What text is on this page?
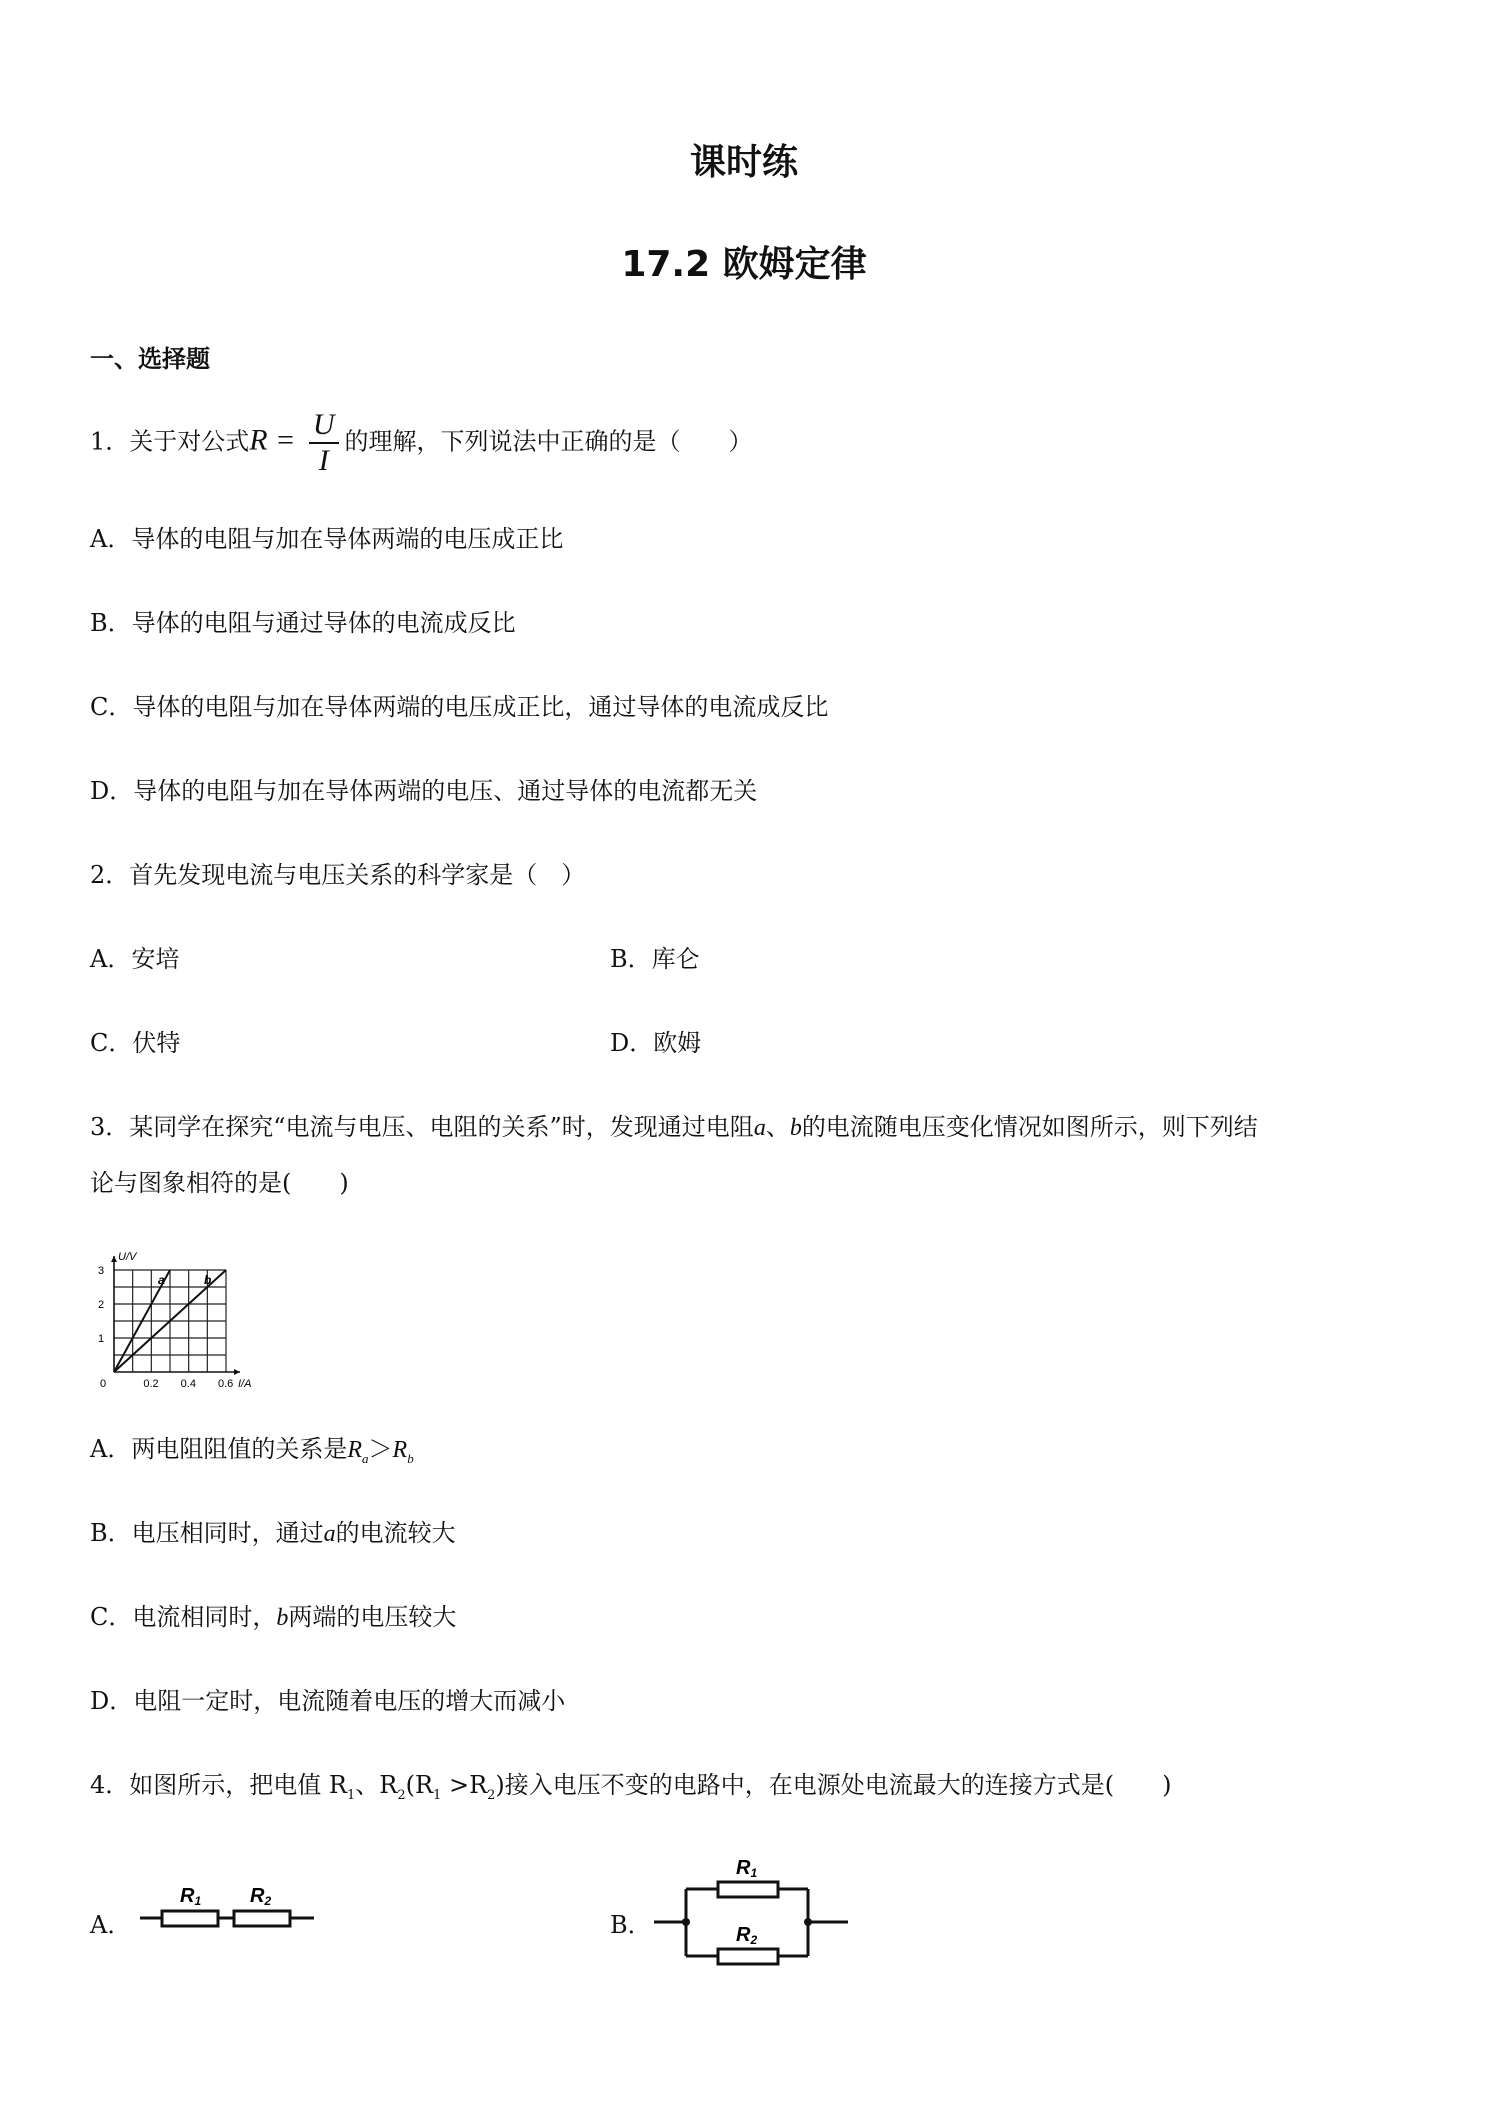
课时练
17.2 欧姆定律
一、选择题
1．关于对公式$R = \frac{U}{I}$ 的理解，下列说法中正确的是（　　）
A．导体的电阻与加在导体两端的电压成正比
B．导体的电阻与通过导体的电流成反比
C．导体的电阻与加在导体两端的电压成正比，通过导体的电流成反比
D．导体的电阻与加在导体两端的电压、通过导体的电流都无关
2．首先发现电流与电压关系的科学家是（　）
A．安培	B．库仑
C．伏特	D．欧姆
3．某同学在探究“电流与电压、电阻的关系”时，发现通过电阻a、b的电流随电压变化情况如图所示，则下列结
论与图象相符的是(　　)
a	b
0	0.2 0.4 0.6
1
2
3
I/A
U/V
A．两电阻阻值的关系是$R_a>R_b$
B．电压相同时，通过a的电流较大
C．电流相同时，b两端的电压较大
D．电阻一定时，电流随着电压的增大而减小
4．如图所示，把电值 $R_1$、$R_2(R_1 >R_2)$接入电压不变的电路中，在电源处电流最大的连接方式是(　　)
A．
R1 R2
B．
R1
R2
